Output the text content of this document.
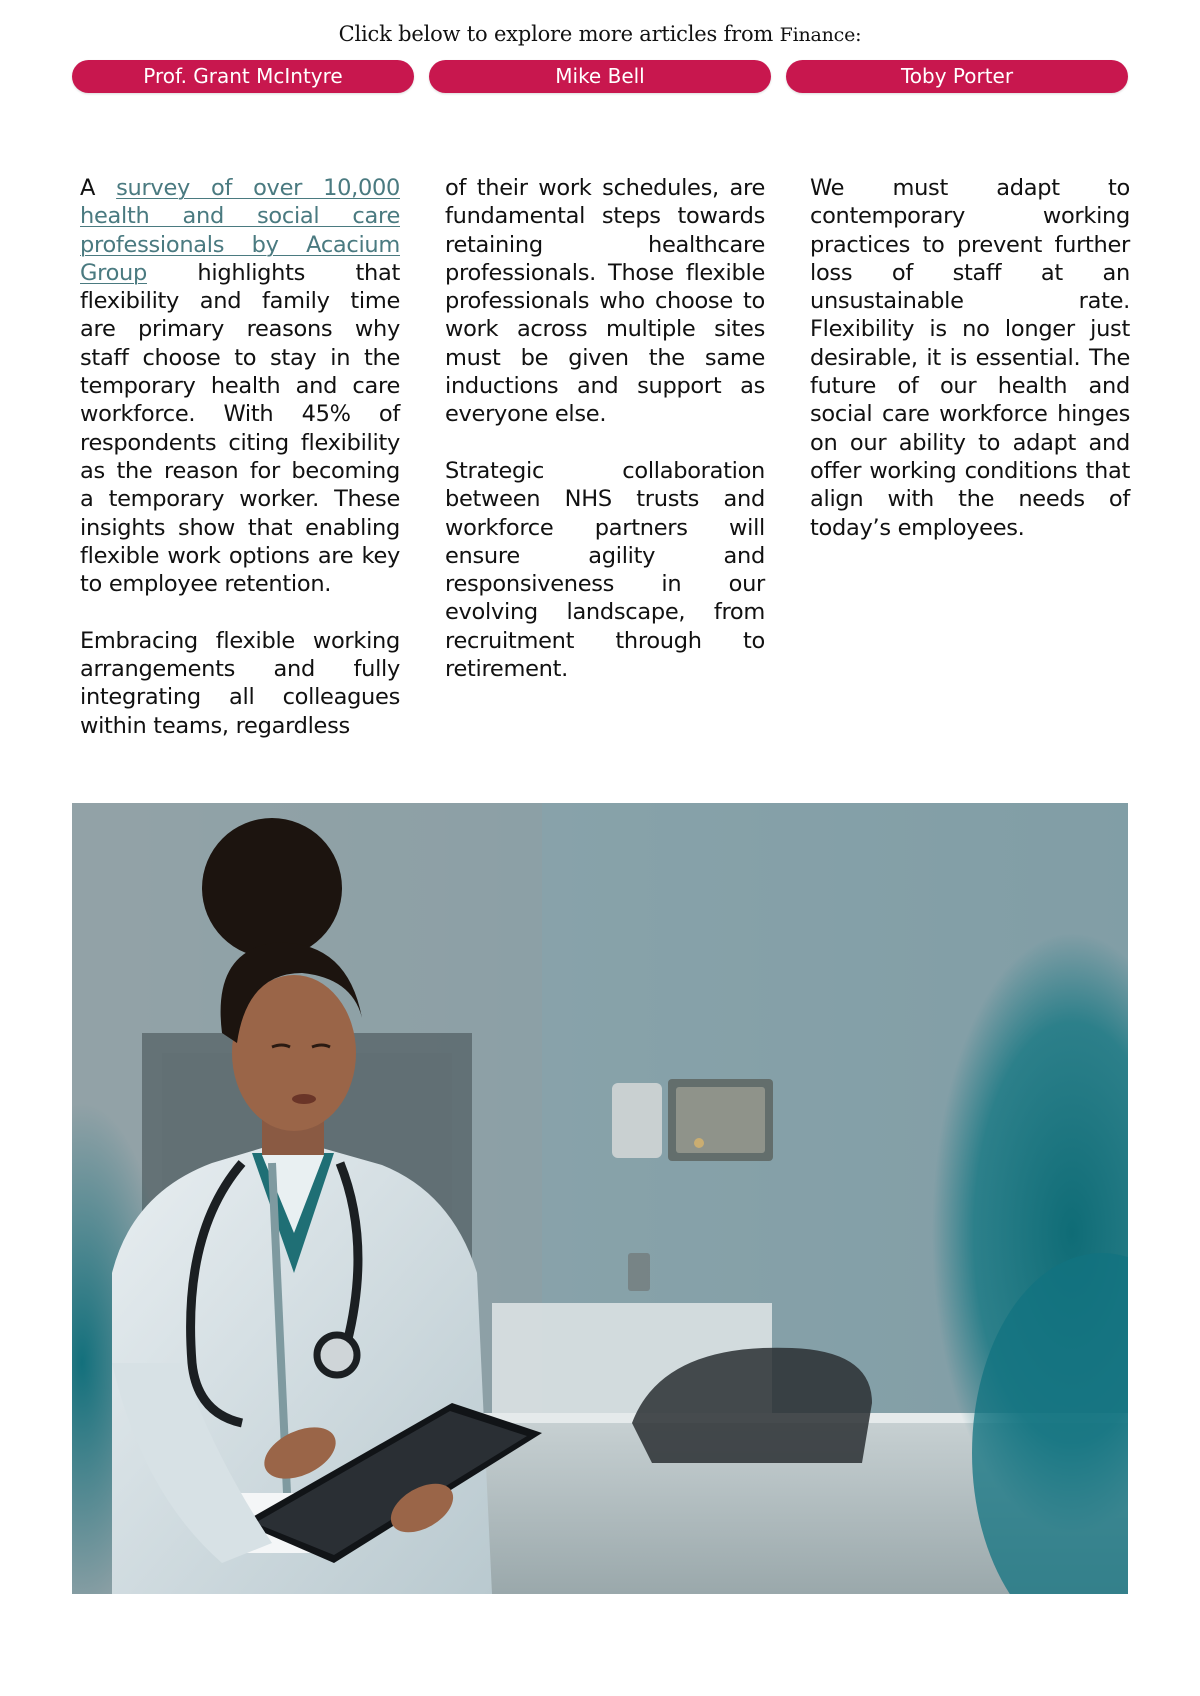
Click below to explore more articles from Finance:
Prof. Grant McIntyre	Mike Bell	Toby Porter

A survey of over 10,000 health and social care professionals by Acacium Group highlights that flexibility and family time are primary reasons why staff choose to stay in the temporary health and care workforce. With 45% of respondents citing flexibility as the reason for becoming a temporary worker. These insights show that enabling flexible work options are key to employee retention.

Embracing flexible working arrangements and fully integrating all colleagues within teams, regardless

of their work schedules, are fundamental steps towards retaining healthcare professionals. Those flexible professionals who choose to work across multiple sites must be given the same inductions and support as everyone else.

Strategic collaboration between NHS trusts and workforce partners will ensure agility and responsiveness in our evolving landscape, from recruitment through to retirement.

We must adapt to contemporary working practices to prevent further loss of staff at an unsustainable rate. Flexibility is no longer just desirable, it is essential. The future of our health and social care workforce hinges on our ability to adapt and offer working conditions that align with the needs of today’s employees.
